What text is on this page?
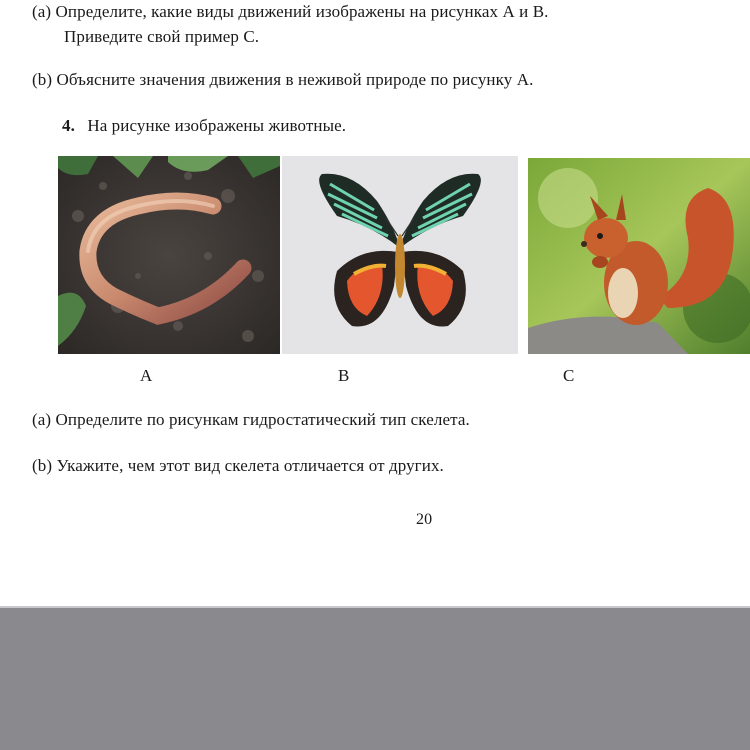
(a) Определите, какие виды движений изображены на рисунках А и В.
Приведите свой пример С.
(b) Объясните значения движения в неживой природе по рисунку А.
4. На рисунке изображены животные.
A	B	C
(а) Определите по рисункам гидростатический тип скелета.
(b) Укажите, чем этот вид скелета отличается от других.
20
